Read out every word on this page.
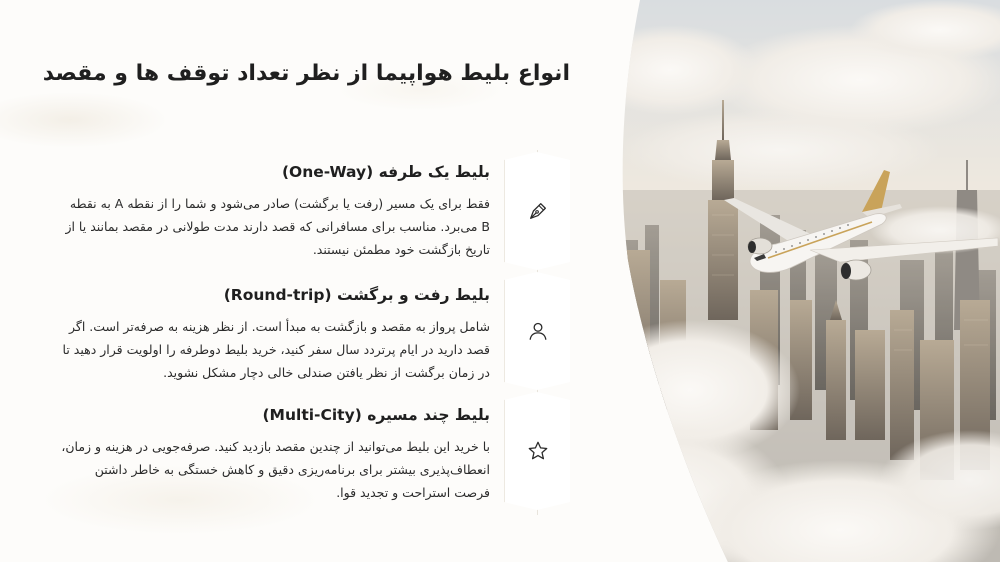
انواع بلیط هواپیما از نظر تعداد توقف ها و مقصد
بلیط یک طرفه (One-Way)

فقط برای یک مسیر (رفت یا برگشت) صادر می‌شود و شما را از نقطه A به نقطه B می‌برد. مناسب برای مسافرانی که قصد دارند مدت طولانی در مقصد بمانند یا از تاریخ بازگشت خود مطمئن نیستند.

بلیط رفت و برگشت (Round-trip)

شامل پرواز به مقصد و بازگشت به مبدأ است. از نظر هزینه به صرفه‌تر است. اگر قصد دارید در ایام پرتردد سال سفر کنید، خرید بلیط دوطرفه را اولویت قرار دهید تا در زمان برگشت از نظر یافتن صندلی خالی دچار مشکل نشوید.

بلیط چند مسیره (Multi-City)

با خرید این بلیط می‌توانید از چندین مقصد بازدید کنید. صرفه‌جویی در هزینه و زمان، انعطاف‌پذیری بیشتر برای برنامه‌ریزی دقیق و کاهش خستگی به خاطر داشتن فرصت استراحت و تجدید قوا.
